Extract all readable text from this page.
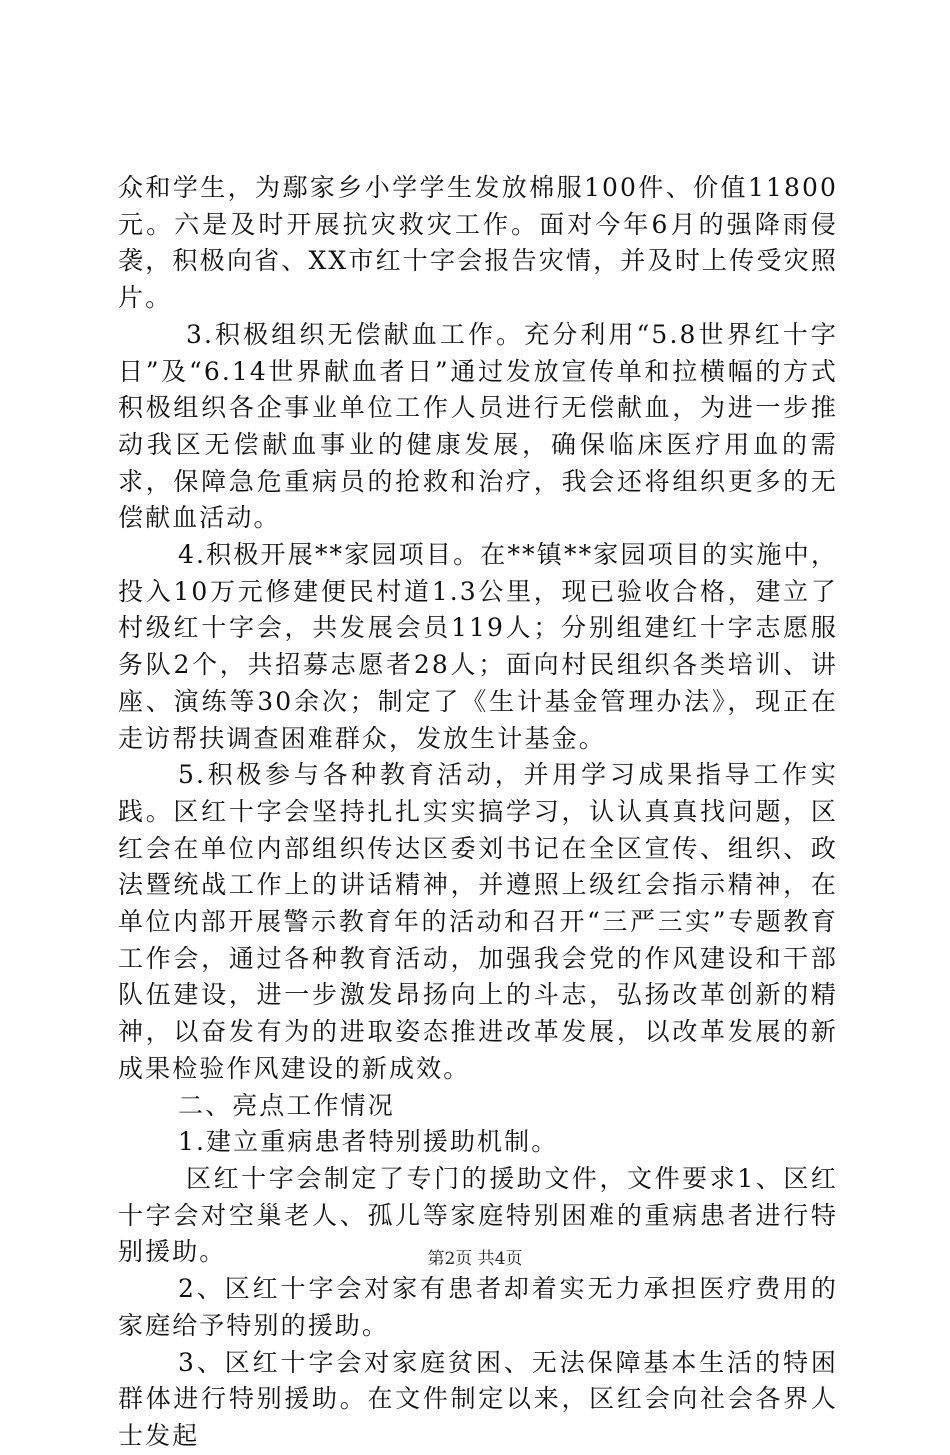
众和学生，为鄢家乡小学学生发放棉服100件、价值11800元。六是及时开展抗灾救灾工作。面对今年6月的强降雨侵袭，积极向省、XX市红十字会报告灾情，并及时上传受灾照片。

3.积极组织无偿献血工作。充分利用“5.8世界红十字日”及“6.14世界献血者日”通过发放宣传单和拉横幅的方式积极组织各企事业单位工作人员进行无偿献血，为进一步推动我区无偿献血事业的健康发展，确保临床医疗用血的需求，保障急危重病员的抢救和治疗，我会还将组织更多的无偿献血活动。

4.积极开展**家园项目。在**镇**家园项目的实施中，投入10万元修建便民村道1.3公里，现已验收合格，建立了村级红十字会，共发展会员119人；分别组建红十字志愿服务队2个，共招募志愿者28人；面向村民组织各类培训、讲座、演练等30余次；制定了《生计基金管理办法》，现正在走访帮扶调查困难群众，发放生计基金。

5.积极参与各种教育活动，并用学习成果指导工作实践。区红十字会坚持扎扎实实搞学习，认认真真找问题，区红会在单位内部组织传达区委刘书记在全区宣传、组织、政法暨统战工作上的讲话精神，并遵照上级红会指示精神，在单位内部开展警示教育年的活动和召开“三严三实”专题教育工作会，通过各种教育活动，加强我会党的作风建设和干部队伍建设，进一步激发昂扬向上的斗志，弘扬改革创新的精神，以奋发有为的进取姿态推进改革发展，以改革发展的新成果检验作风建设的新成效。

二、亮点工作情况

1.建立重病患者特别援助机制。

区红十字会制定了专门的援助文件，文件要求1、区红十字会对空巢老人、孤儿等家庭特别困难的重病患者进行特别援助。

2、区红十字会对家有患者却着实无力承担医疗费用的家庭给予特别的援助。

3、区红十字会对家庭贫困、无法保障基本生活的特困群体进行特别援助。在文件制定以来，区红会向社会各界人士发起

第2页 共4页
